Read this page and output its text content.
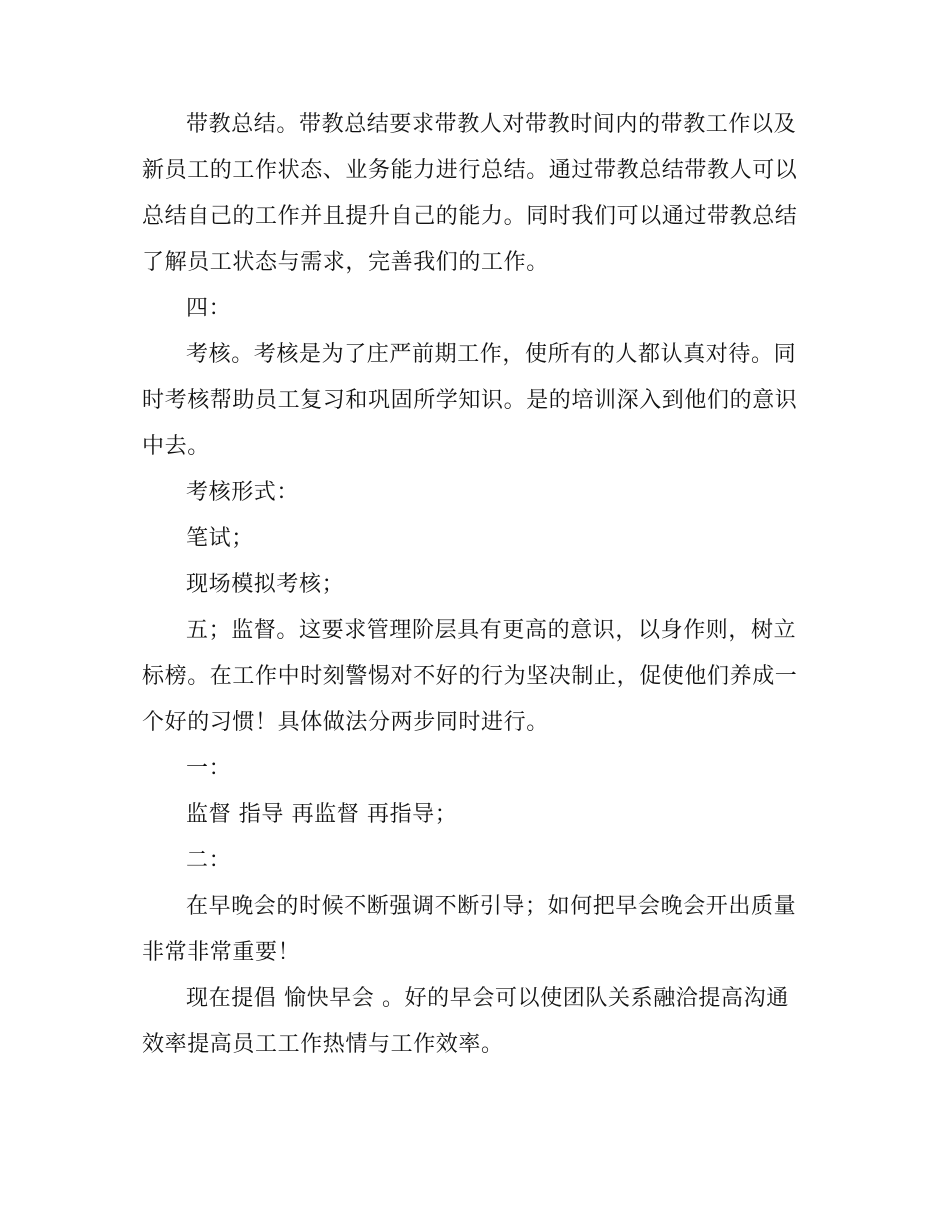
带教总结。带教总结要求带教人对带教时间内的带教工作以及新员工的工作状态、业务能力进行总结。通过带教总结带教人可以总结自己的工作并且提升自己的能力。同时我们可以通过带教总结了解员工状态与需求，完善我们的工作。

四：

考核。考核是为了庄严前期工作，使所有的人都认真对待。同时考核帮助员工复习和巩固所学知识。是的培训深入到他们的意识中去。

考核形式：

笔试；

现场模拟考核；

五；监督。这要求管理阶层具有更高的意识，以身作则，树立标榜。在工作中时刻警惕对不好的行为坚决制止，促使他们养成一个好的习惯！具体做法分两步同时进行。

一：

监督 指导 再监督 再指导；

二：

在早晚会的时候不断强调不断引导；如何把早会晚会开出质量非常非常重要！

现在提倡 愉快早会 。好的早会可以使团队关系融洽提高沟通效率提高员工工作热情与工作效率。
